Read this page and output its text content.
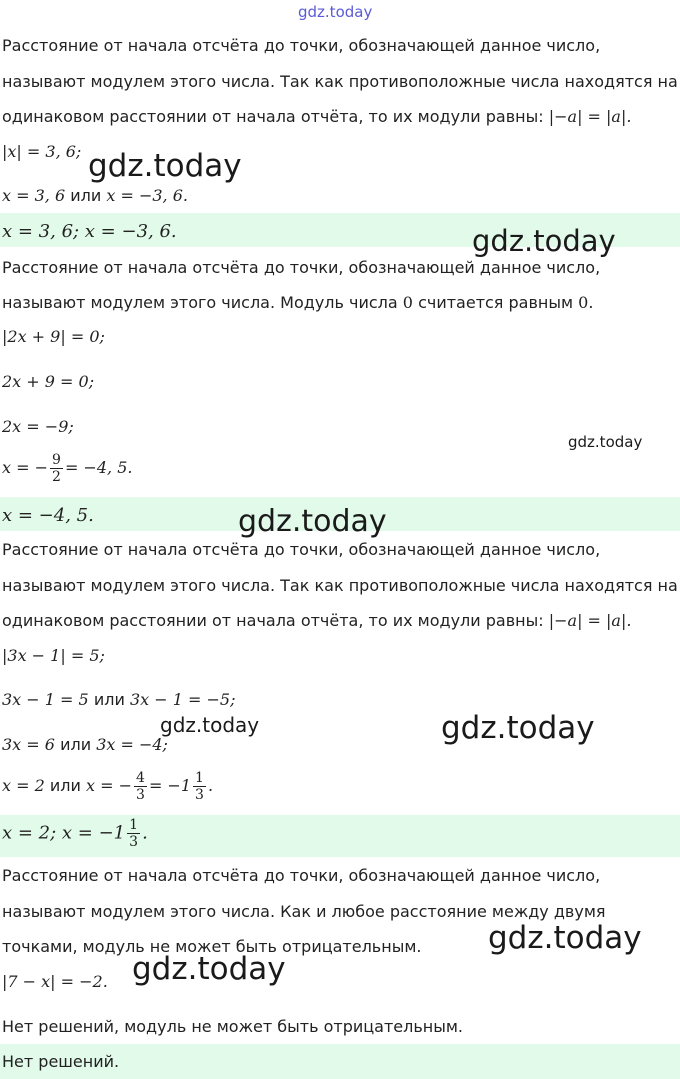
Расстояние от начала отсчёта до точки, обозначающей данное число,
называют модулем этого числа. Так как противоположные числа находятся на
одинаковом расстоянии от начала отчёта, то их модули равны: |−a| = |a|.
|x| = 3, 6;
x = 3, 6 или x = −3, 6.
x = 3, 6; x = −3, 6.
Расстояние от начала отсчёта до точки, обозначающей данное число,
называют модулем этого числа. Модуль числа 0 считается равным 0.
|2x + 9| = 0;
2x + 9 = 0;
2x = −9;
x = − $\frac{9}{2} = -4$, 5.
x = −4, 5.
Расстояние от начала отсчёта до точки, обозначающей данное число,
называют модулем этого числа. Так как противоположные числа находятся на
одинаковом расстоянии от начала отчёта, то их модули равны: |−a| = |a|.
|3x − 1| = 5;
3x − 1 = 5 или 3x − 1 = −5;
3x = 6 или 3x = −4;
x = 2 или x = − $\frac{4}{3} = -1 \frac{1}{3}$ .
x = 2; $x = -1 \frac{1}{3}$ .
Расстояние от начала отсчёта до точки, обозначающей данное число,
называют модулем этого числа. Как и любое расстояние между двумя
точками, модуль не может быть отрицательным.
|7 − x| = −2.
Нет решений, модуль не может быть отрицательным.
Нет решений.
gdz.today
gdz.today
gdz.today
gdz.today
gdz.today
gdz.today	gdz.today
gdz.today
gdz.today
